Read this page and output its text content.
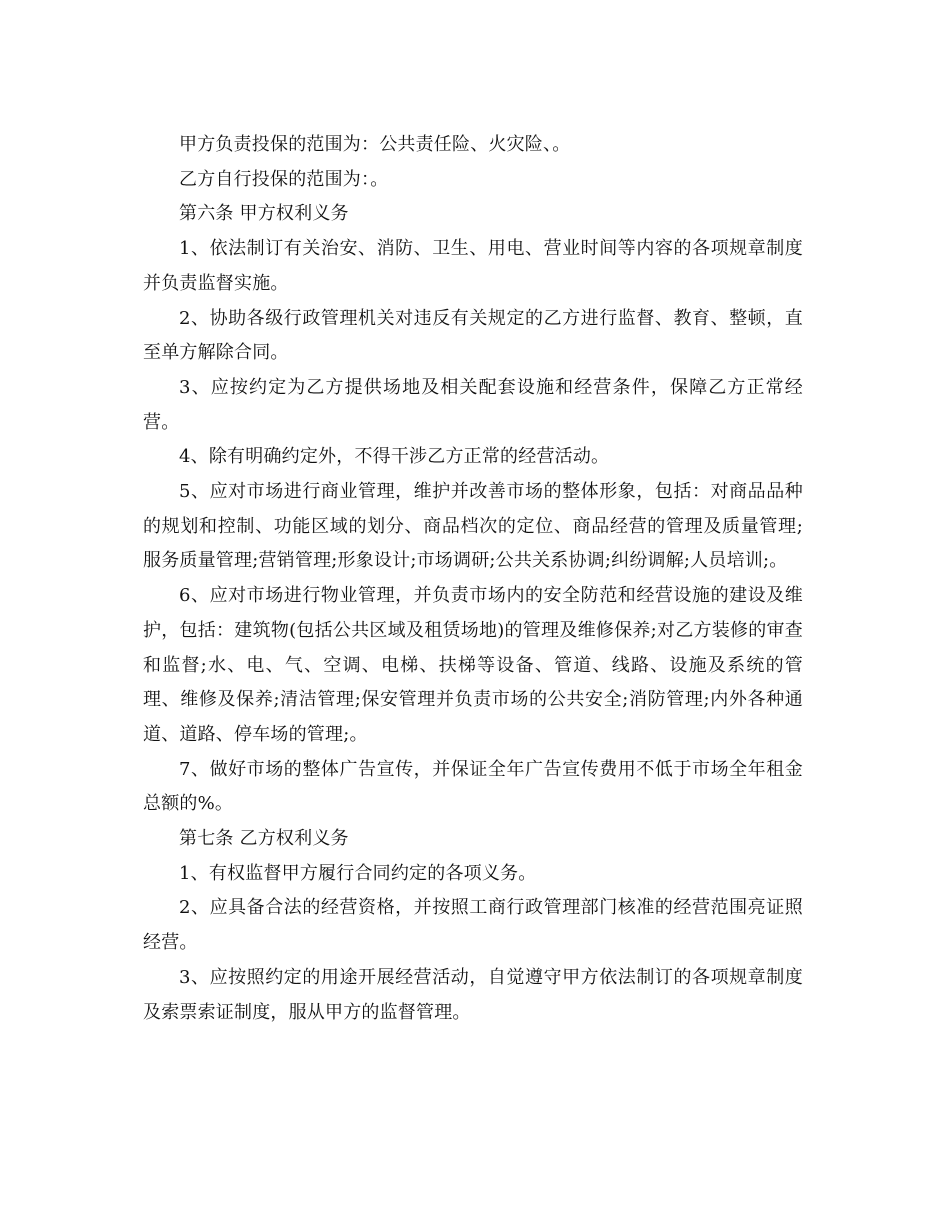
甲方负责投保的范围为：公共责任险、火灾险、。

乙方自行投保的范围为：。

第六条 甲方权利义务

1、依法制订有关治安、消防、卫生、用电、营业时间等内容的各项规章制度并负责监督实施。

2、协助各级行政管理机关对违反有关规定的乙方进行监督、教育、整顿，直至单方解除合同。

3、应按约定为乙方提供场地及相关配套设施和经营条件，保障乙方正常经营。

4、除有明确约定外，不得干涉乙方正常的经营活动。

5、应对市场进行商业管理，维护并改善市场的整体形象，包括：对商品品种的规划和控制、功能区域的划分、商品档次的定位、商品经营的管理及质量管理;服务质量管理;营销管理;形象设计;市场调研;公共关系协调;纠纷调解;人员培训;。

6、应对市场进行物业管理，并负责市场内的安全防范和经营设施的建设及维护，包括：建筑物(包括公共区域及租赁场地)的管理及维修保养;对乙方装修的审查和监督;水、电、气、空调、电梯、扶梯等设备、管道、线路、设施及系统的管理、维修及保养;清洁管理;保安管理并负责市场的公共安全;消防管理;内外各种通道、道路、停车场的管理;。

7、做好市场的整体广告宣传，并保证全年广告宣传费用不低于市场全年租金总额的%。

第七条 乙方权利义务

1、有权监督甲方履行合同约定的各项义务。

2、应具备合法的经营资格，并按照工商行政管理部门核准的经营范围亮证照经营。

3、应按照约定的用途开展经营活动，自觉遵守甲方依法制订的各项规章制度及索票索证制度，服从甲方的监督管理。
